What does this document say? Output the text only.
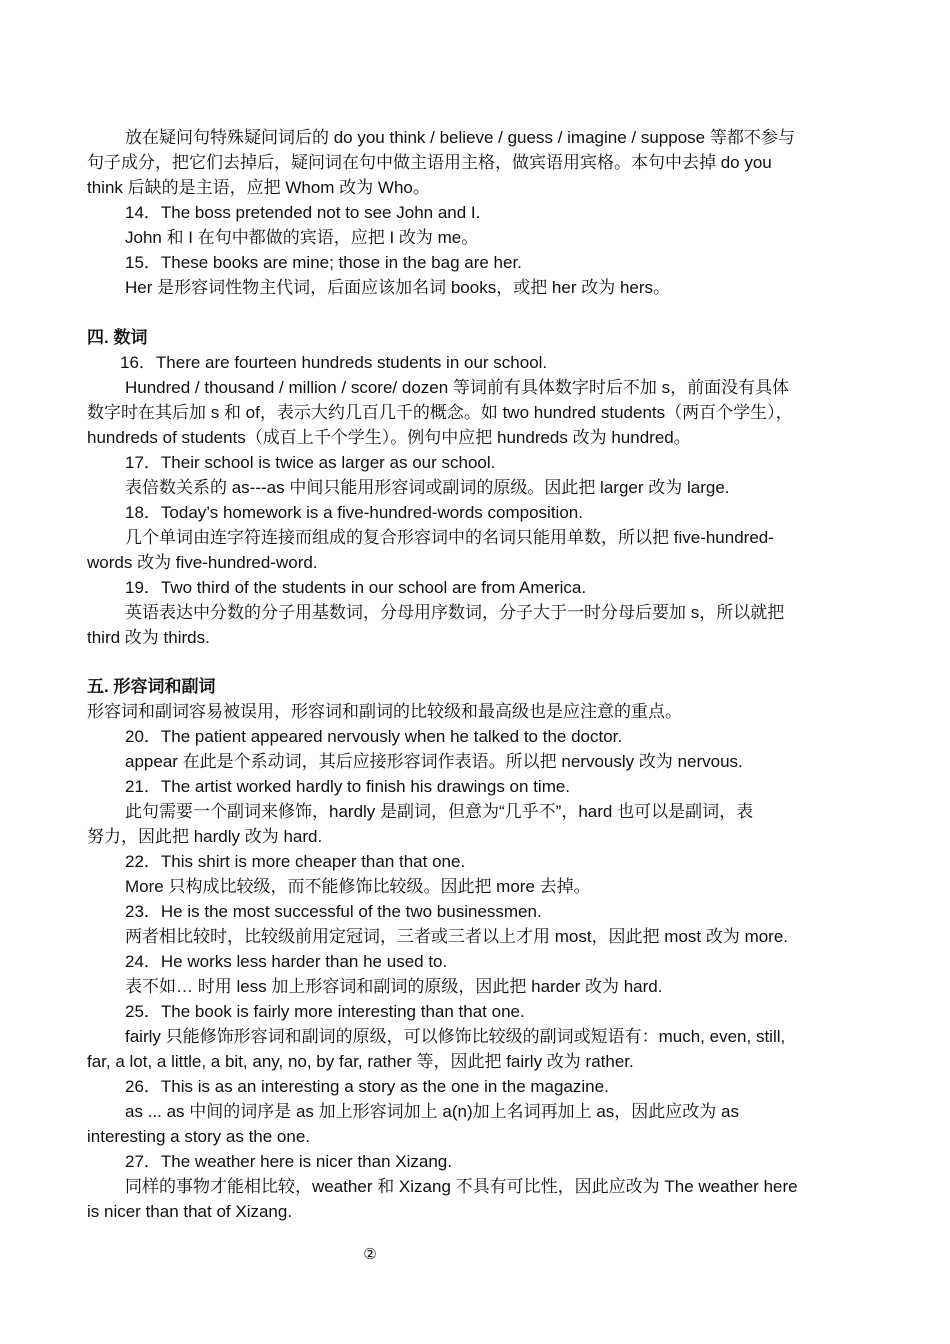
放在疑问句特殊疑问词后的 do you think / believe / guess / imagine / suppose 等都不参与
句子成分，把它们去掉后，疑问词在句中做主语用主格，做宾语用宾格。本句中去掉 do you
think 后缺的是主语，应把 Whom 改为 Who。
14．The boss pretended not to see John and I.
John 和 I 在句中都做的宾语，应把 I 改为 me。
15．These books are mine; those in the bag are her.
Her 是形容词性物主代词，后面应该加名词 books，或把 her 改为 hers。
四. 数词
16．There are fourteen hundreds students in our school.
Hundred / thousand / million / score/ dozen 等词前有具体数字时后不加 s，前面没有具体
数字时在其后加 s 和 of，表示大约几百几千的概念。如 two hundred students（两百个学生），
hundreds of students（成百上千个学生）。例句中应把 hundreds 改为 hundred。
17．Their school is twice as larger as our school.
表倍数关系的 as---as 中间只能用形容词或副词的原级。因此把 larger 改为 large.
18．Today’s homework is a five-hundred-words composition.
几个单词由连字符连接而组成的复合形容词中的名词只能用单数，所以把 five-hundred-
words 改为 five-hundred-word.
19．Two third of the students in our school are from America.
英语表达中分数的分子用基数词，分母用序数词，分子大于一时分母后要加 s，所以就把
third 改为 thirds.
五. 形容词和副词
形容词和副词容易被误用，形容词和副词的比较级和最高级也是应注意的重点。
20．The patient appeared nervously when he talked to the doctor.
appear 在此是个系动词，其后应接形容词作表语。所以把 nervously 改为 nervous.
21．The artist worked hardly to finish his drawings on time.
此句需要一个副词来修饰，hardly 是副词，但意为“几乎不”，hard 也可以是副词，表
努力，因此把 hardly 改为 hard.
22．This shirt is more cheaper than that one.
More 只构成比较级，而不能修饰比较级。因此把 more 去掉。
23．He is the most successful of the two businessmen.
两者相比较时，比较级前用定冠词，三者或三者以上才用 most，因此把 most 改为 more.
24．He works less harder than he used to.
表不如… 时用 less 加上形容词和副词的原级，因此把 harder 改为 hard.
25．The book is fairly more interesting than that one.
fairly 只能修饰形容词和副词的原级，可以修饰比较级的副词或短语有：much, even, still,
far, a lot, a little, a bit, any, no, by far, rather 等，因此把 fairly 改为 rather.
26．This is as an interesting a story as the one in the magazine.
as ... as 中间的词序是 as 加上形容词加上 a(n)加上名词再加上 as，因此应改为 as
interesting a story as the one.
27．The weather here is nicer than Xizang.
同样的事物才能相比较，weather 和 Xizang 不具有可比性，因此应改为 The weather here
is nicer than that of Xizang.
②
